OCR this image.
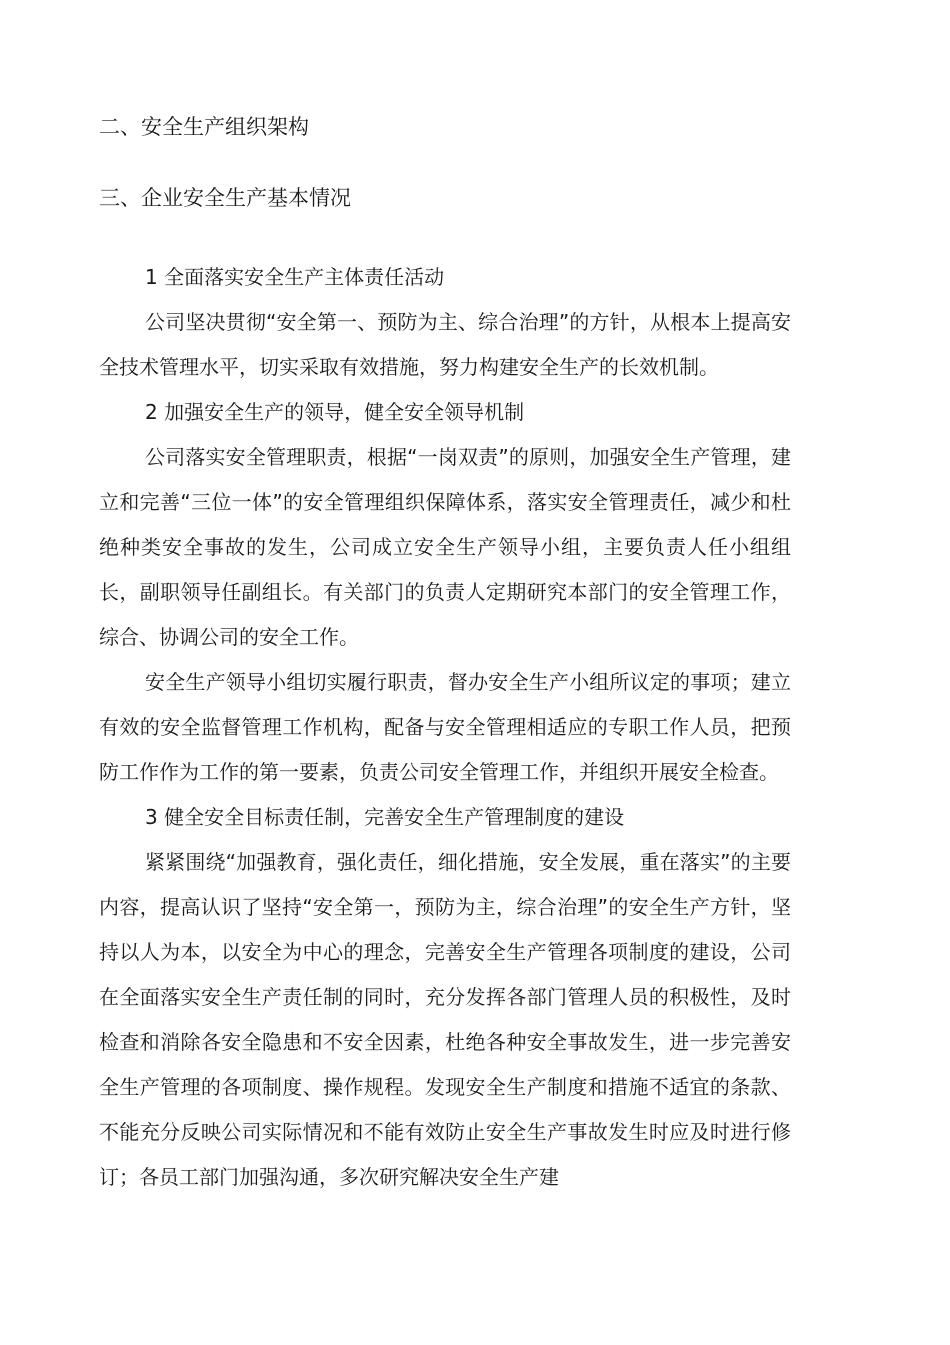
二、安全生产组织架构
三、企业安全生产基本情况

1 全面落实安全生产主体责任活动

公司坚决贯彻“安全第一、预防为主、综合治理”的方针，从根本上提高安全技术管理水平，切实采取有效措施，努力构建安全生产的长效机制。

2 加强安全生产的领导，健全安全领导机制

公司落实安全管理职责，根据“一岗双责”的原则，加强安全生产管理，建立和完善“三位一体”的安全管理组织保障体系，落实安全管理责任，减少和杜绝种类安全事故的发生，公司成立安全生产领导小组，主要负责人任小组组长，副职领导任副组长。有关部门的负责人定期研究本部门的安全管理工作，综合、协调公司的安全工作。

安全生产领导小组切实履行职责，督办安全生产小组所议定的事项；建立有效的安全监督管理工作机构，配备与安全管理相适应的专职工作人员，把预防工作作为工作的第一要素，负责公司安全管理工作，并组织开展安全检查。

3 健全安全目标责任制，完善安全生产管理制度的建设

紧紧围绕“加强教育，强化责任，细化措施，安全发展，重在落实”的主要内容，提高认识了坚持“安全第一，预防为主，综合治理”的安全生产方针，坚持以人为本，以安全为中心的理念，完善安全生产管理各项制度的建设，公司在全面落实安全生产责任制的同时，充分发挥各部门管理人员的积极性，及时检查和消除各安全隐患和不安全因素，杜绝各种安全事故发生，进一步完善安全生产管理的各项制度、操作规程。发现安全生产制度和措施不适宜的条款、不能充分反映公司实际情况和不能有效防止安全生产事故发生时应及时进行修订；各员工部门加强沟通，多次研究解决安全生产建
